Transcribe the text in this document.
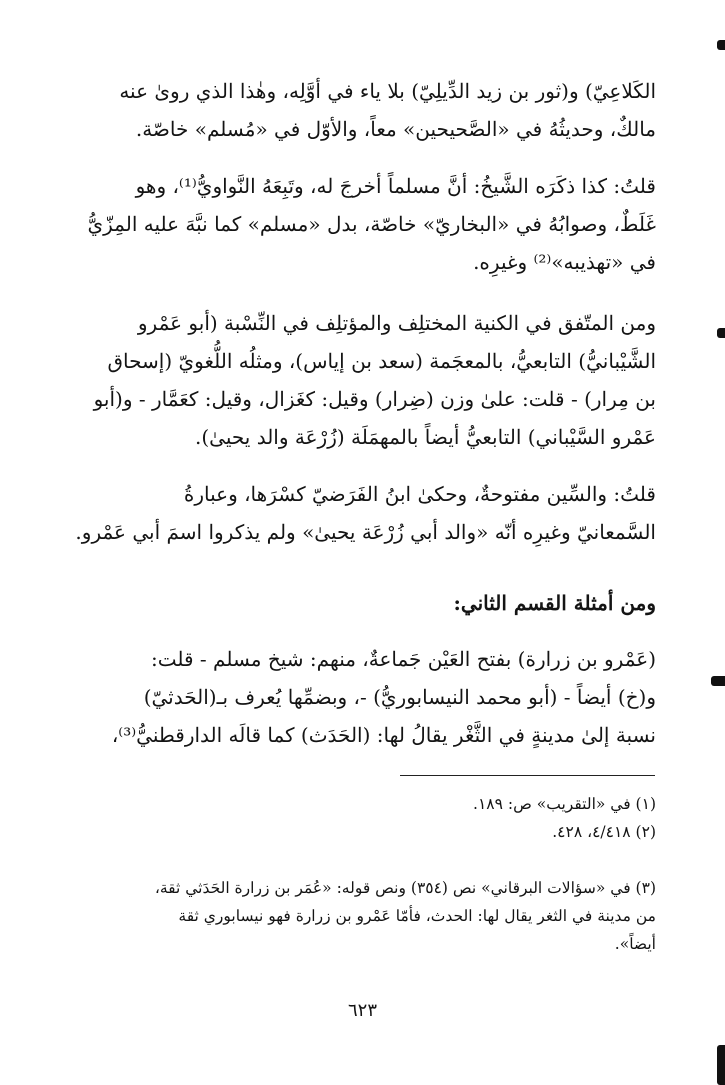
الكَلاعِيّ) و(ثور بن زيد الدِّيلِيّ) بلا ياء في أوَّلِه، وهٰذا الذي روىٰ عنه
مالكٌ، وحديثُهُ في «الصَّحيحين» معاً، والأوّل في «مُسلم» خاصّة.
قلتُ: كذا ذكَرَه الشَّيخُ: أنَّ مسلماً أخرجَ له، وتَبِعَهُ النَّواويُّ⁽¹⁾، وهو
غَلَطٌ، وصوابُهُ في «البخاريّ» خاصّة، بدل «مسلم» كما نبَّهَ عليه المِزّيُّ
في «تهذيبه»⁽²⁾ وغيرِه.
ومن المتّفق في الكنية المختلِف والمؤتلِف في النِّسْبة (أبو عَمْرو
الشَّيْبانيُّ) التابعيُّ، بالمعجَمة (سعد بن إياس)، ومثلُه اللُّغويّ (إسحاق
بن مِرار) - قلت: علىٰ وزن (ضِرار) وقيل: كغَزال، وقيل: كعَمَّار - و(أبو
عَمْرو السَّيْباني) التابعيُّ أيضاً بالمهمَلَة (زُرْعَة والد يحيىٰ).
قلتُ: والسِّين مفتوحةٌ، وحكىٰ ابنُ الفَرَضيّ كسْرَها، وعبارةُ
السَّمعانيّ وغيرِه أنّه «والد أبي زُرْعَة يحيىٰ» ولم يذكروا اسمَ أبي عَمْرو.
ومن أمثلة القسم الثاني:
(عَمْرو بن زرارة) بفتح العَيْن جَماعةٌ، منهم: شيخ مسلم - قلت:
و(خ) أيضاً - (أبو محمد النيسابوريُّ) -، وبضمِّها يُعرف بـ(الحَدثيّ)
نسبة إلىٰ مدينةٍ في الثَّغْر يقالُ لها: (الحَدَث) كما قالَه الدارقطنيُّ⁽³⁾،
(١) في «التقريب» ص: ١٨٩.
(٢) ٤/٤١٨، ٤٢٨.
(٣) في «سؤالات البرقاني» نص (٣٥٤) ونص قوله: «عُمَر بن زرارة الحَدَثي ثقة،
من مدينة في الثغر يقال لها: الحدث، فأمّا عَمْرو بن زرارة فهو نيسابوري ثقة
أيضاً».
٦٢٣
